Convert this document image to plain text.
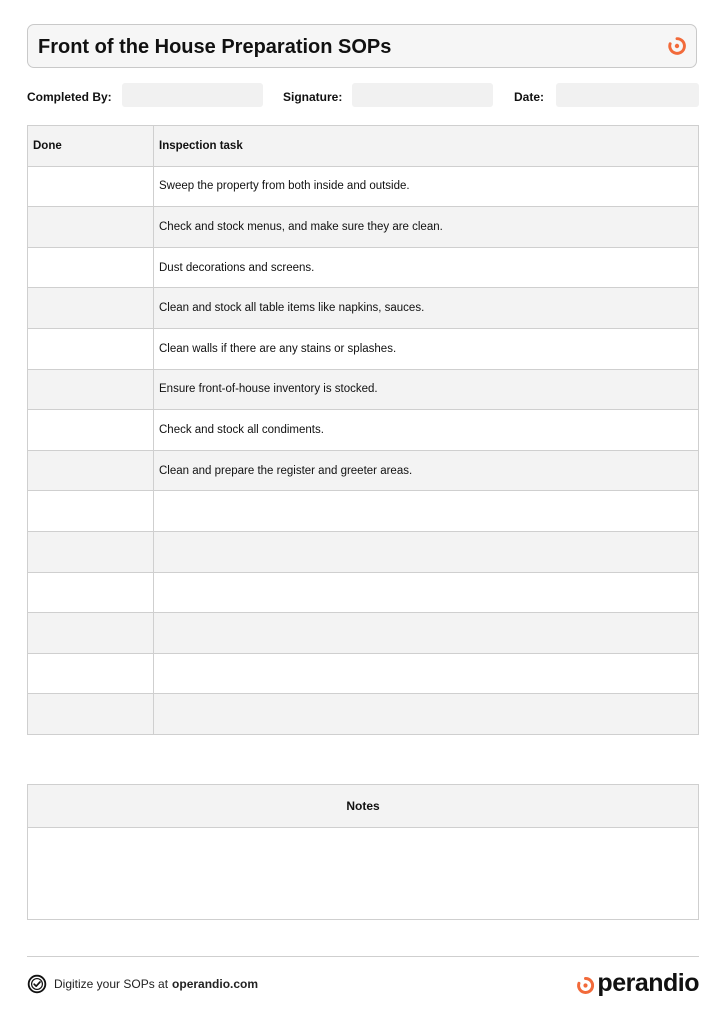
Front of the House Preparation SOPs
Completed By:	Signature:	Date:
Done	Inspection task
	Sweep the property from both inside and outside.
	Check and stock menus, and make sure they are clean.
	Dust decorations and screens.
	Clean and stock all table items like napkins, sauces.
	Clean walls if there are any stains or splashes.
	Ensure front-of-house inventory is stocked.
	Check and stock all condiments.
	Clean and prepare the register and greeter areas.

Notes
Digitize your SOPs at operandio.com	perandio
